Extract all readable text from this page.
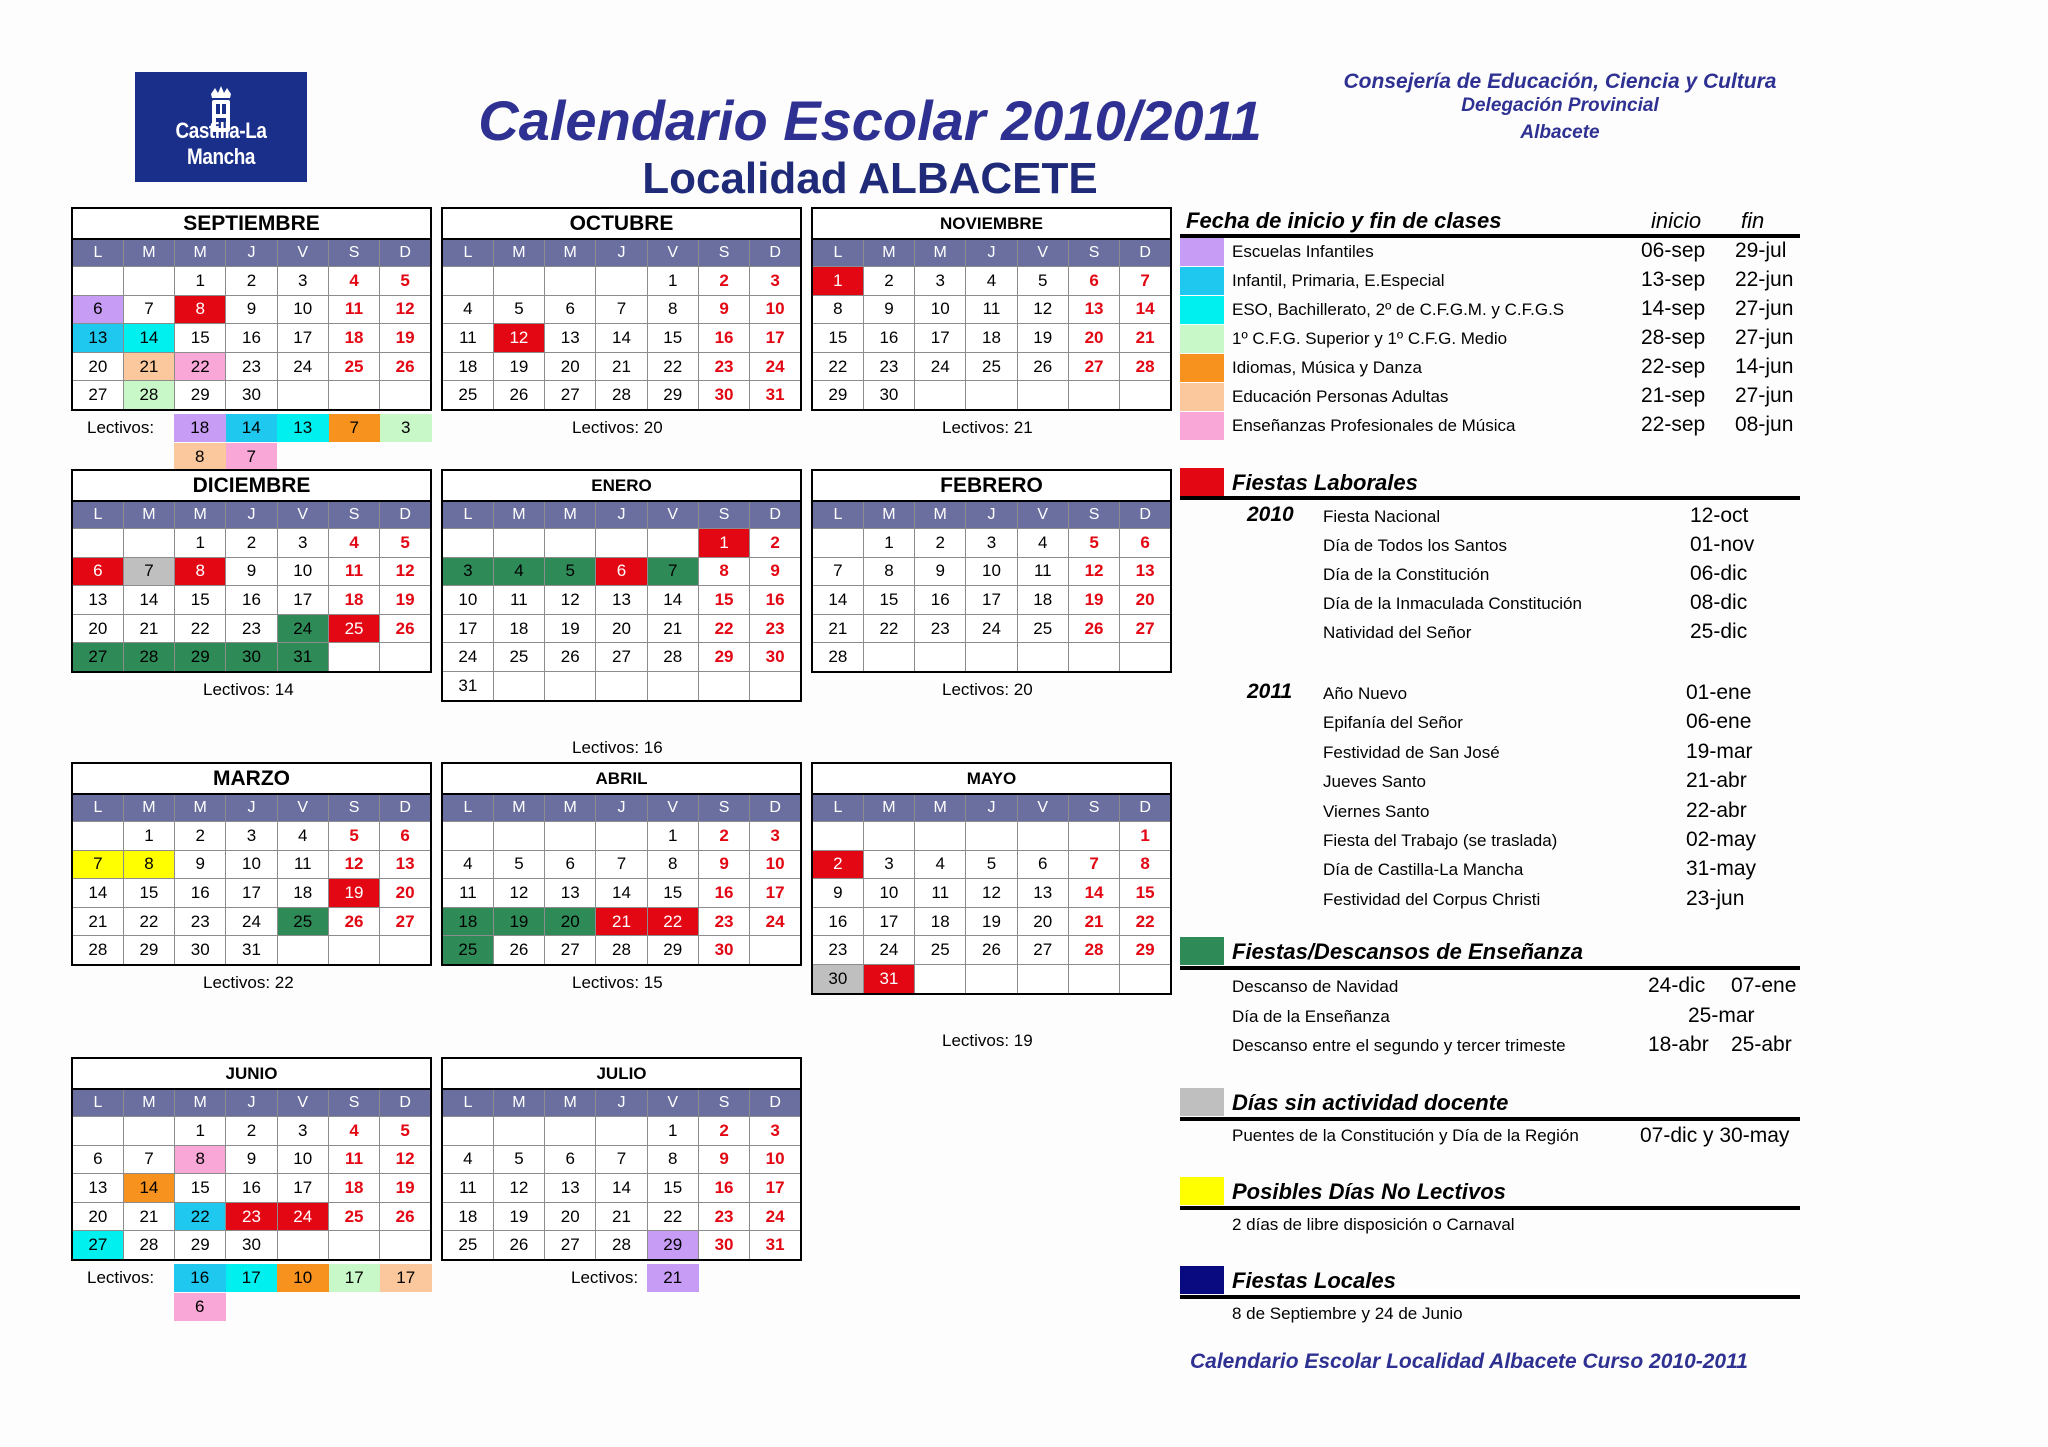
Castilla-La Mancha
Calendario Escolar 2010/2011
Localidad ALBACETE
Consejería de Educación, Ciencia y Cultura
Delegación Provincial
Albacete
SEPTIEMBRE
L	M	M	J	V	S	D
		1	2	3	4	5
6	7	8	9	10	11	12
13	14	15	16	17	18	19
20	21	22	23	24	25	26
27	28	29	30			
Lectivos:	18	14	13	7	3
8	7
OCTUBRE
L	M	M	J	V	S	D
				1	2	3
4	5	6	7	8	9	10
11	12	13	14	15	16	17
18	19	20	21	22	23	24
25	26	27	28	29	30	31
Lectivos: 20
NOVIEMBRE
L	M	M	J	V	S	D
1	2	3	4	5	6	7
8	9	10	11	12	13	14
15	16	17	18	19	20	21
22	23	24	25	26	27	28
29	30					
Lectivos: 21
DICIEMBRE
L	M	M	J	V	S	D
		1	2	3	4	5
6	7	8	9	10	11	12
13	14	15	16	17	18	19
20	21	22	23	24	25	26
27	28	29	30	31		
Lectivos: 14
ENERO
L	M	M	J	V	S	D
					1	2
3	4	5	6	7	8	9
10	11	12	13	14	15	16
17	18	19	20	21	22	23
24	25	26	27	28	29	30
31						
Lectivos: 16
FEBRERO
L	M	M	J	V	S	D
	1	2	3	4	5	6
7	8	9	10	11	12	13
14	15	16	17	18	19	20
21	22	23	24	25	26	27
28						
Lectivos: 20
MARZO
L	M	M	J	V	S	D
	1	2	3	4	5	6
7	8	9	10	11	12	13
14	15	16	17	18	19	20
21	22	23	24	25	26	27
28	29	30	31			
Lectivos: 22
ABRIL
L	M	M	J	V	S	D
				1	2	3
4	5	6	7	8	9	10
11	12	13	14	15	16	17
18	19	20	21	22	23	24
25	26	27	28	29	30	
Lectivos: 15
MAYO
L	M	M	J	V	S	D
						1
2	3	4	5	6	7	8
9	10	11	12	13	14	15
16	17	18	19	20	21	22
23	24	25	26	27	28	29
30	31					
Lectivos: 19
JUNIO
L	M	M	J	V	S	D
		1	2	3	4	5
6	7	8	9	10	11	12
13	14	15	16	17	18	19
20	21	22	23	24	25	26
27	28	29	30			
Lectivos:	16	17	10	17	17
6
JULIO
L	M	M	J	V	S	D
				1	2	3
4	5	6	7	8	9	10
11	12	13	14	15	16	17
18	19	20	21	22	23	24
25	26	27	28	29	30	31
Lectivos:	21
Fecha de inicio y fin de clases	inicio fin
Escuelas Infantiles	06-sep 29-jul
Infantil, Primaria, E.Especial	13-sep 22-jun
ESO, Bachillerato, 2º de C.F.G.M. y C.F.G.S	14-sep 27-jun
1º C.F.G. Superior y 1º C.F.G. Medio	28-sep 27-jun
Idiomas, Música y Danza	22-sep 14-jun
Educación Personas Adultas	21-sep 27-jun
Enseñanzas Profesionales de Música	22-sep 08-jun
Fiestas Laborales
2010
2011
Fiesta Nacional	12-oct
Día de Todos los Santos	01-nov
Día de la Constitución	06-dic
Día de la Inmaculada Constitución	08-dic
Natividad del Señor	25-dic
Año Nuevo	01-ene
Epifanía del Señor	06-ene
Festividad de San José	19-mar
Jueves Santo	21-abr
Viernes Santo	22-abr
Fiesta del Trabajo (se traslada)	02-may
Día de Castilla-La Mancha	31-may
Festividad del Corpus Christi	23-jun
Fiestas/Descansos de Enseñanza
Descanso de Navidad	24-dic 07-ene
Día de la Enseñanza	25-mar
Descanso entre el segundo y tercer trimeste	18-abr 25-abr
Días sin actividad docente
Puentes de la Constitución y Día de la Región	07-dic y 30-may
Posibles Días No Lectivos
2 días de libre disposición o Carnaval
Fiestas Locales
8 de Septiembre y 24 de Junio
Calendario Escolar Localidad Albacete Curso 2010-2011
